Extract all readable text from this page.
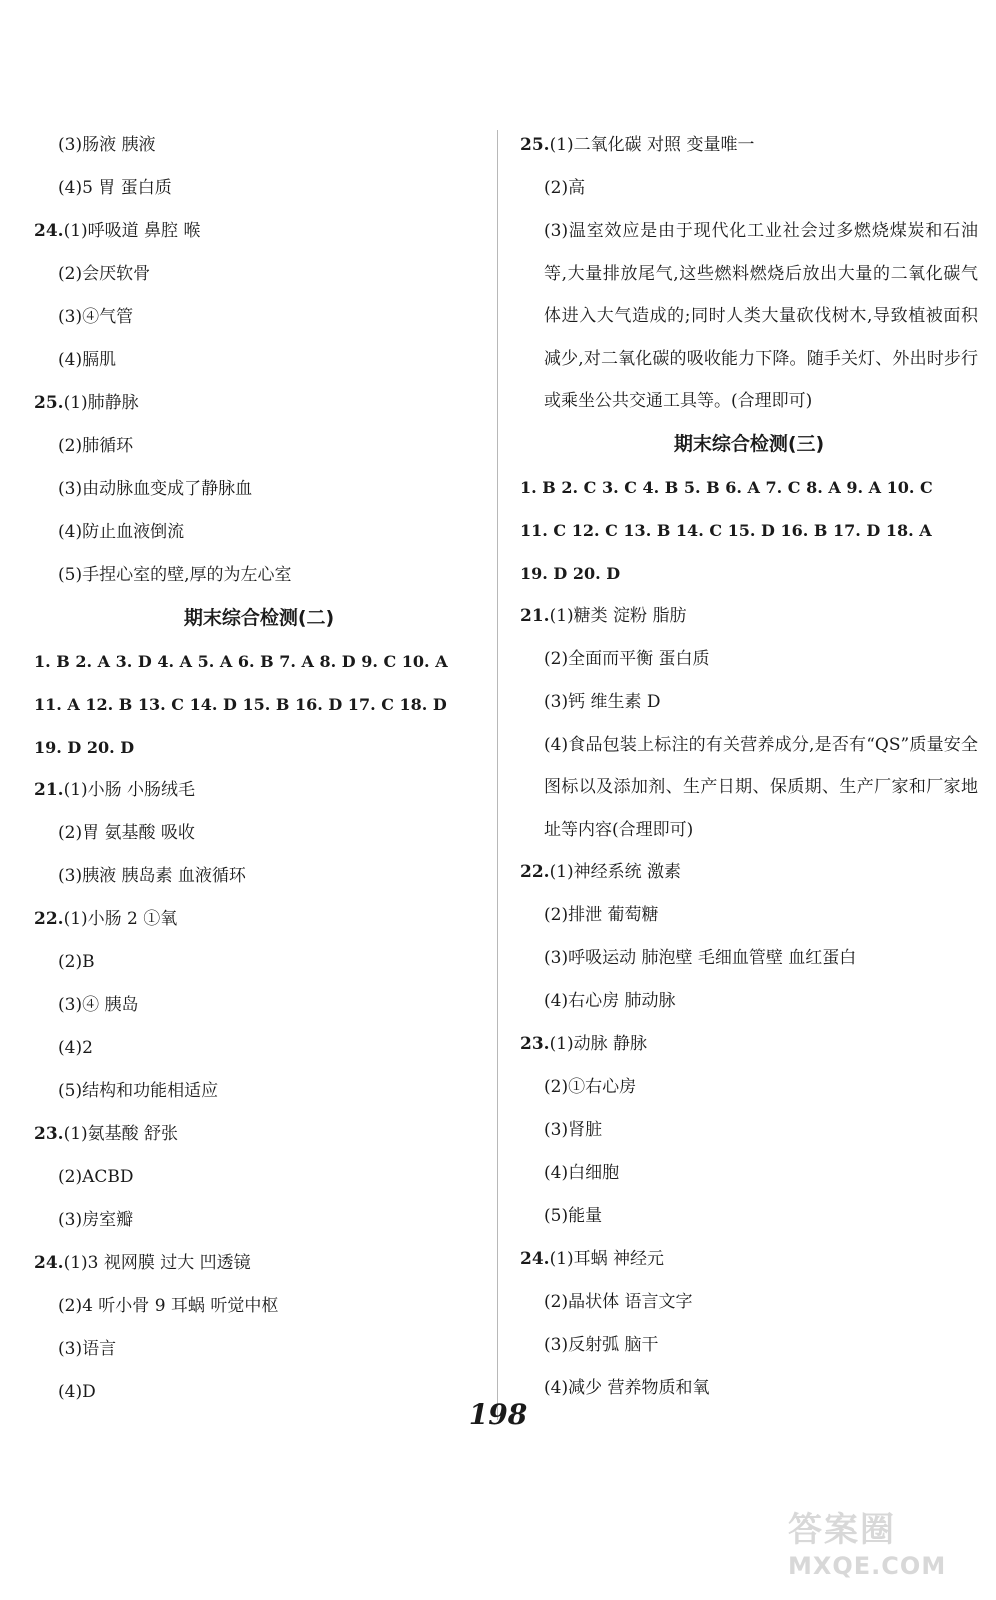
(3)肠液 胰液
(4)5 胃 蛋白质
24.(1)呼吸道 鼻腔 喉
(2)会厌软骨
(3)④气管
(4)膈肌
25.(1)肺静脉
(2)肺循环
(3)由动脉血变成了静脉血
(4)防止血液倒流
(5)手捏心室的壁,厚的为左心室
期末综合检测(二)
1. B 2. A 3. D 4. A 5. A 6. B 7. A 8. D 9. C 10. A
11. A 12. B 13. C 14. D 15. B 16. D 17. C 18. D
19. D 20. D
21.(1)小肠 小肠绒毛
(2)胃 氨基酸 吸收
(3)胰液 胰岛素 血液循环
22.(1)小肠 2 ①氧
(2)B
(3)④ 胰岛
(4)2
(5)结构和功能相适应
23.(1)氨基酸 舒张
(2)ACBD
(3)房室瓣
24.(1)3 视网膜 过大 凹透镜
(2)4 听小骨 9 耳蜗 听觉中枢
(3)语言
(4)D
25.(1)二氧化碳 对照 变量唯一
(2)高
(3)温室效应是由于现代化工业社会过多燃烧煤炭和石油等,大量排放尾气,这些燃料燃烧后放出大量的二氧化碳气体进入大气造成的;同时人类大量砍伐树木,导致植被面积减少,对二氧化碳的吸收能力下降。随手关灯、外出时步行或乘坐公共交通工具等。(合理即可)
期末综合检测(三)
1. B 2. C 3. C 4. B 5. B 6. A 7. C 8. A 9. A 10. C
11. C 12. C 13. B 14. C 15. D 16. B 17. D 18. A
19. D 20. D
21.(1)糖类 淀粉 脂肪
(2)全面而平衡 蛋白质
(3)钙 维生素 D
(4)食品包装上标注的有关营养成分,是否有“QS”质量安全图标以及添加剂、生产日期、保质期、生产厂家和厂家地址等内容(合理即可)
22.(1)神经系统 激素
(2)排泄 葡萄糖
(3)呼吸运动 肺泡壁 毛细血管壁 血红蛋白
(4)右心房 肺动脉
23.(1)动脉 静脉
(2)①右心房
(3)肾脏
(4)白细胞
(5)能量
24.(1)耳蜗 神经元
(2)晶状体 语言文字
(3)反射弧 脑干
(4)减少 营养物质和氧
198
答案圈
MXQE.COM
